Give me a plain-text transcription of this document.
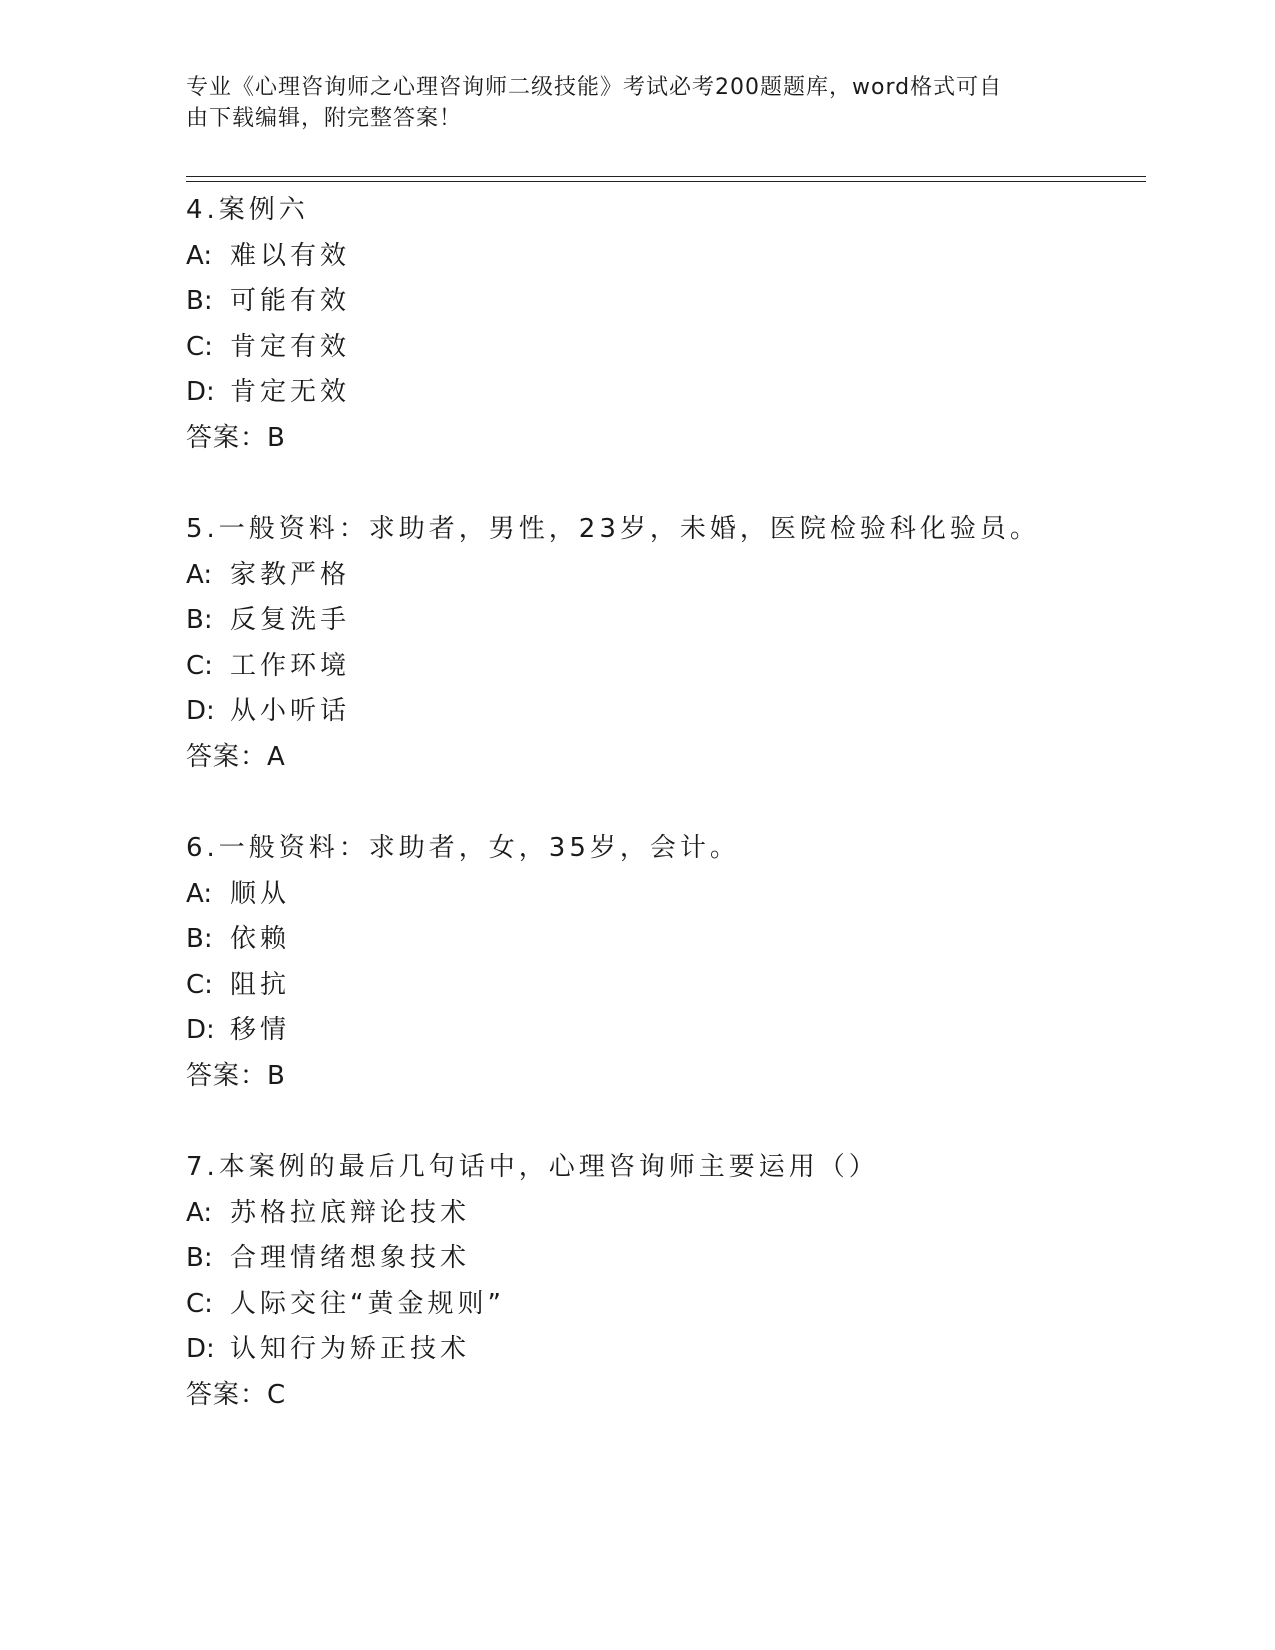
专业《心理咨询师之心理咨询师二级技能》考试必考200题题库，word格式可自
由下载编辑，附完整答案！
4.案例六
A: 难以有效
B: 可能有效
C: 肯定有效
D: 肯定无效
答案：B
5.一般资料：求助者，男性，23岁，未婚，医院检验科化验员。
A: 家教严格
B: 反复洗手
C: 工作环境
D: 从小听话
答案：A
6.一般资料：求助者，女，35岁，会计。
A: 顺从
B: 依赖
C: 阻抗
D: 移情
答案：B
7.本案例的最后几句话中，心理咨询师主要运用（）
A: 苏格拉底辩论技术
B: 合理情绪想象技术
C: 人际交往“黄金规则”
D: 认知行为矫正技术
答案：C
